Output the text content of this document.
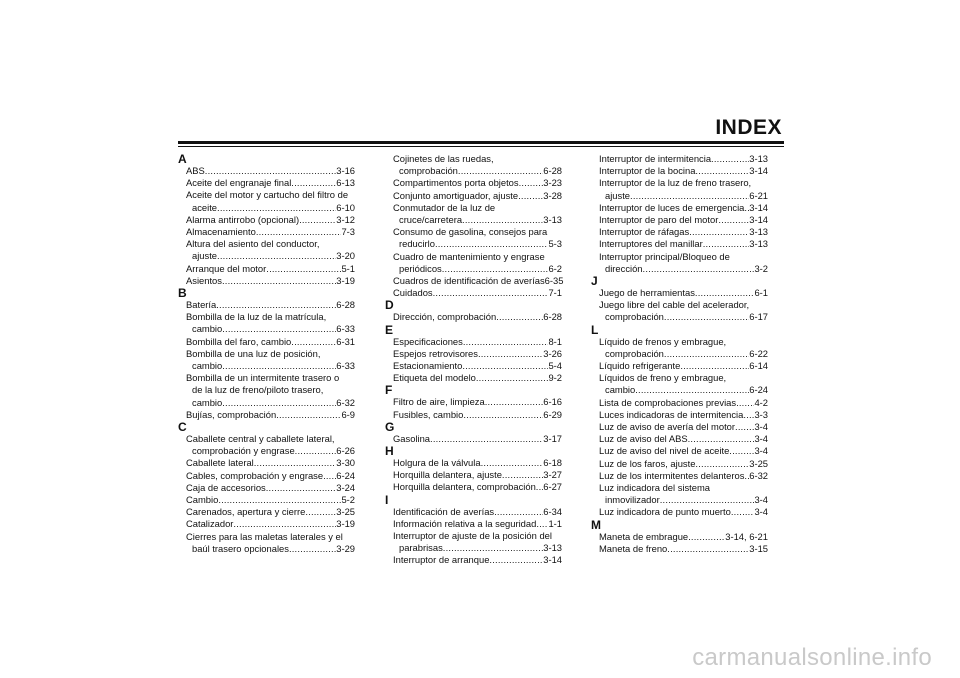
INDEX
A
ABS .....	3-16
Aceite del engranaje final .....	6-13
Aceite del motor y cartucho del filtro de
aceite .....	6-10
Alarma antirrobo (opcional) .....	3-12
Almacenamiento .....	7-3
Altura del asiento del conductor,
ajuste .....	3-20
Arranque del motor .....	5-1
Asientos .....	3-19
B
Batería .....	6-28
Bombilla de la luz de la matrícula,
cambio .....	6-33
Bombilla del faro, cambio .....	6-31
Bombilla de una luz de posición,
cambio .....	6-33
Bombilla de un intermitente trasero o
de la luz de freno/piloto trasero,
cambio .....	6-32
Bujías, comprobación .....	6-9
C
Caballete central y caballete lateral,
comprobación y engrase .....	6-26
Caballete lateral .....	3-30
Cables, comprobación y engrase ..... 6-24
Caja de accesorios .....	3-24
Cambio .....	5-2
Carenados, apertura y cierre .....	3-25
Catalizador .....	3-19
Cierres para las maletas laterales y el
baúl trasero opcionales .....	3-29
Cojinetes de las ruedas,
comprobación .....	6-28
Compartimentos porta objetos .....	3-23
Conjunto amortiguador, ajuste .....	3-28
Conmutador de la luz de
cruce/carretera .....	3-13
Consumo de gasolina, consejos para
reducirlo .....	5-3
Cuadro de mantenimiento y engrase
periódicos .....	6-2
Cuadros de identificación de averías 6-35
Cuidados .....	7-1
D
Dirección, comprobación .....	6-28
E
Especificaciones .....	8-1
Espejos retrovisores .....	3-26
Estacionamiento .....	5-4
Etiqueta del modelo .....	9-2
F
Filtro de aire, limpieza .....	6-16
Fusibles, cambio .....	6-29
G
Gasolina .....	3-17
H
Holgura de la válvula .....	6-18
Horquilla delantera, ajuste .....	3-27
Horquilla delantera, comprobación ..... 6-27
I
Identificación de averías .....	6-34
Información relativa a la seguridad ..... 1-1
Interruptor de ajuste de la posición del
parabrisas .....	3-13
Interruptor de arranque .....	3-14
Interruptor de intermitencia .....	3-13
Interruptor de la bocina .....	3-14
Interruptor de la luz de freno trasero,
ajuste .....	6-21
Interruptor de luces de emergencia ..... 3-14
Interruptor de paro del motor .....	3-14
Interruptor de ráfagas .....	3-13
Interruptores del manillar .....	3-13
Interruptor principal/Bloqueo de
dirección .....	3-2
J
Juego de herramientas .....	6-1
Juego libre del cable del acelerador,
comprobación .....	6-17
L
Líquido de frenos y embrague,
comprobación .....	6-22
Líquido refrigerante .....	6-14
Líquidos de freno y embrague,
cambio .....	6-24
Lista de comprobaciones previas ..... 4-2
Luces indicadoras de intermitencia ..... 3-3
Luz de aviso de avería del motor ..... 3-4
Luz de aviso del ABS .....	3-4
Luz de aviso del nivel de aceite .....	3-4
Luz de los faros, ajuste .....	3-25
Luz de los intermitentes delanteros ..... 6-32
Luz indicadora del sistema
inmovilizador .....	3-4
Luz indicadora de punto muerto .....	3-4
M
Maneta de embrague .....	3-14, 6-21
Maneta de freno .....	3-15
carmanualsonline.info
